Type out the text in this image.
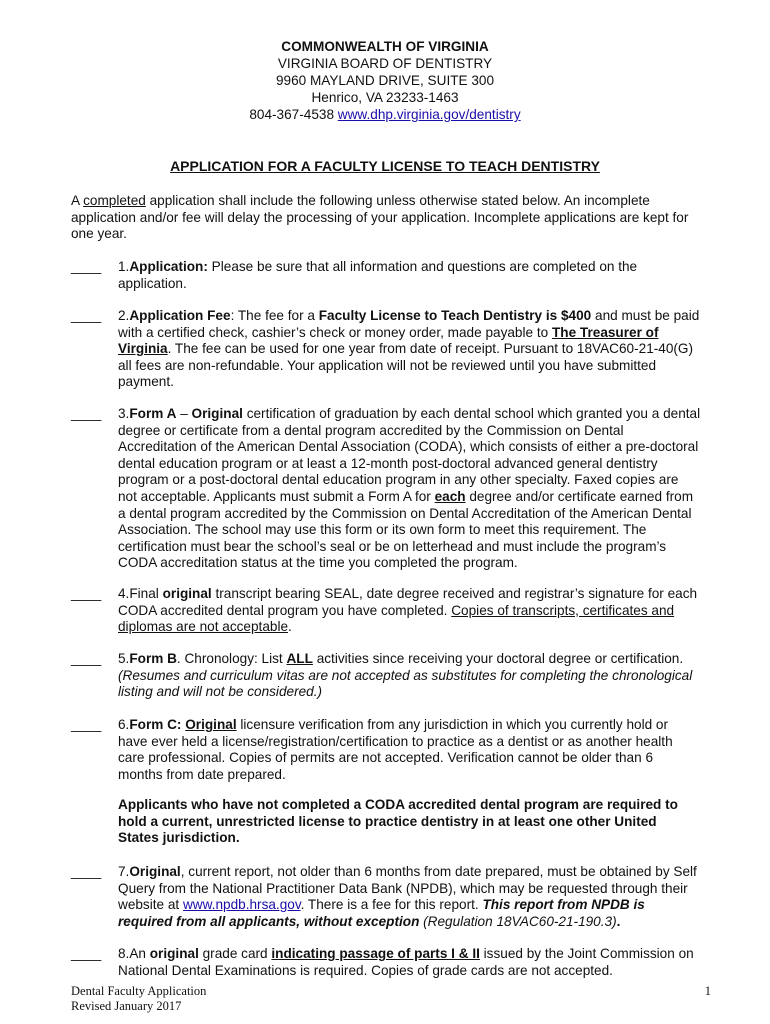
COMMONWEALTH OF VIRGINIA
VIRGINIA BOARD OF DENTISTRY
9960 MAYLAND DRIVE, SUITE 300
Henrico, VA 23233-1463
804-367-4538 www.dhp.virginia.gov/dentistry
APPLICATION FOR A FACULTY LICENSE TO TEACH DENTISTRY
A completed application shall include the following unless otherwise stated below. An incomplete application and/or fee will delay the processing of your application. Incomplete applications are kept for one year.
____ 1.Application: Please be sure that all information and questions are completed on the application.
____ 2.Application Fee: The fee for a Faculty License to Teach Dentistry is $400 and must be paid with a certified check, cashier’s check or money order, made payable to The Treasurer of Virginia. The fee can be used for one year from date of receipt. Pursuant to 18VAC60-21-40(G) all fees are non-refundable. Your application will not be reviewed until you have submitted payment.
____ 3.Form A – Original certification of graduation by each dental school which granted you a dental degree or certificate from a dental program accredited by the Commission on Dental Accreditation of the American Dental Association (CODA), which consists of either a pre-doctoral dental education program or at least a 12-month post-doctoral advanced general dentistry program or a post-doctoral dental education program in any other specialty. Faxed copies are not acceptable. Applicants must submit a Form A for each degree and/or certificate earned from a dental program accredited by the Commission on Dental Accreditation of the American Dental Association. The school may use this form or its own form to meet this requirement. The certification must bear the school’s seal or be on letterhead and must include the program’s CODA accreditation status at the time you completed the program.
____ 4.Final original transcript bearing SEAL, date degree received and registrar’s signature for each CODA accredited dental program you have completed. Copies of transcripts, certificates and diplomas are not acceptable.
____ 5.Form B. Chronology: List ALL activities since receiving your doctoral degree or certification. (Resumes and curriculum vitas are not accepted as substitutes for completing the chronological listing and will not be considered.)
____ 6.Form C: Original licensure verification from any jurisdiction in which you currently hold or have ever held a license/registration/certification to practice as a dentist or as another health care professional. Copies of permits are not accepted. Verification cannot be older than 6 months from date prepared.
Applicants who have not completed a CODA accredited dental program are required to hold a current, unrestricted license to practice dentistry in at least one other United States jurisdiction.
____ 7.Original, current report, not older than 6 months from date prepared, must be obtained by Self Query from the National Practitioner Data Bank (NPDB), which may be requested through their website at www.npdb.hrsa.gov. There is a fee for this report. This report from NPDB is required from all applicants, without exception (Regulation 18VAC60-21-190.3).
____ 8.An original grade card indicating passage of parts I & II issued by the Joint Commission on National Dental Examinations is required. Copies of grade cards are not accepted.
Dental Faculty Application
Revised January 2017
1
